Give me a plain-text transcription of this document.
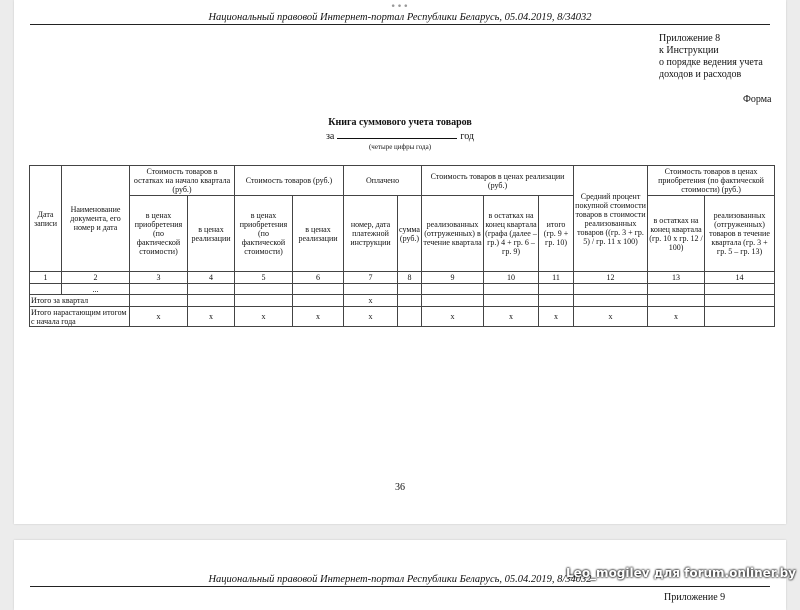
•••
Национальный правовой Интернет-портал Республики Беларусь, 05.04.2019, 8/34032
Приложение 8
к Инструкции
о порядке ведения учета
доходов и расходов
Форма
Книга суммового учета товаров
за	год
(четыре цифры года)
Дата записи	Наименование документа, его номер и дата	Стоимость товаров в остатках на начало квартала (руб.)		Стоимость товаров (руб.)		Оплачено		Стоимость товаров в ценах реализации (руб.)			Средний процент покупной стоимости товаров в стоимости реализованных товаров ((гр. 3 + гр. 5) / гр. 11 x 100)	Стоимость товаров в ценах приобретения (по фактической стоимости) (руб.)	
		в ценах приобретения (по фактической стоимости)	в ценах реализации	в ценах приобретения (по фактической стоимости)	в ценах реализации	номер, дата платежной инструкции	сумма (руб.)	реализованных (отгруженных) в течение квартала	в остатках на конец квартала (графа (далее – гр.) 4 + гр. 6 – гр. 9)	итого (гр. 9 + гр. 10)		в остатках на конец квартала (гр. 10 х гр. 12 / 100)	реализованных (отгруженных) товаров в течение квартала (гр. 3 + гр. 5 – гр. 13)
1	2	3	4	5	6	7	8	9	10	11	12	13	14
	...												
Итого за квартал						x							
Итого нарастающим итогом с начала года		x	x	x	x	x		x	x	x	x	x	
36
Национальный правовой Интернет-портал Республики Беларусь, 05.04.2019, 8/34032
Приложение 9
Leo_mogilev для forum.onliner.by
